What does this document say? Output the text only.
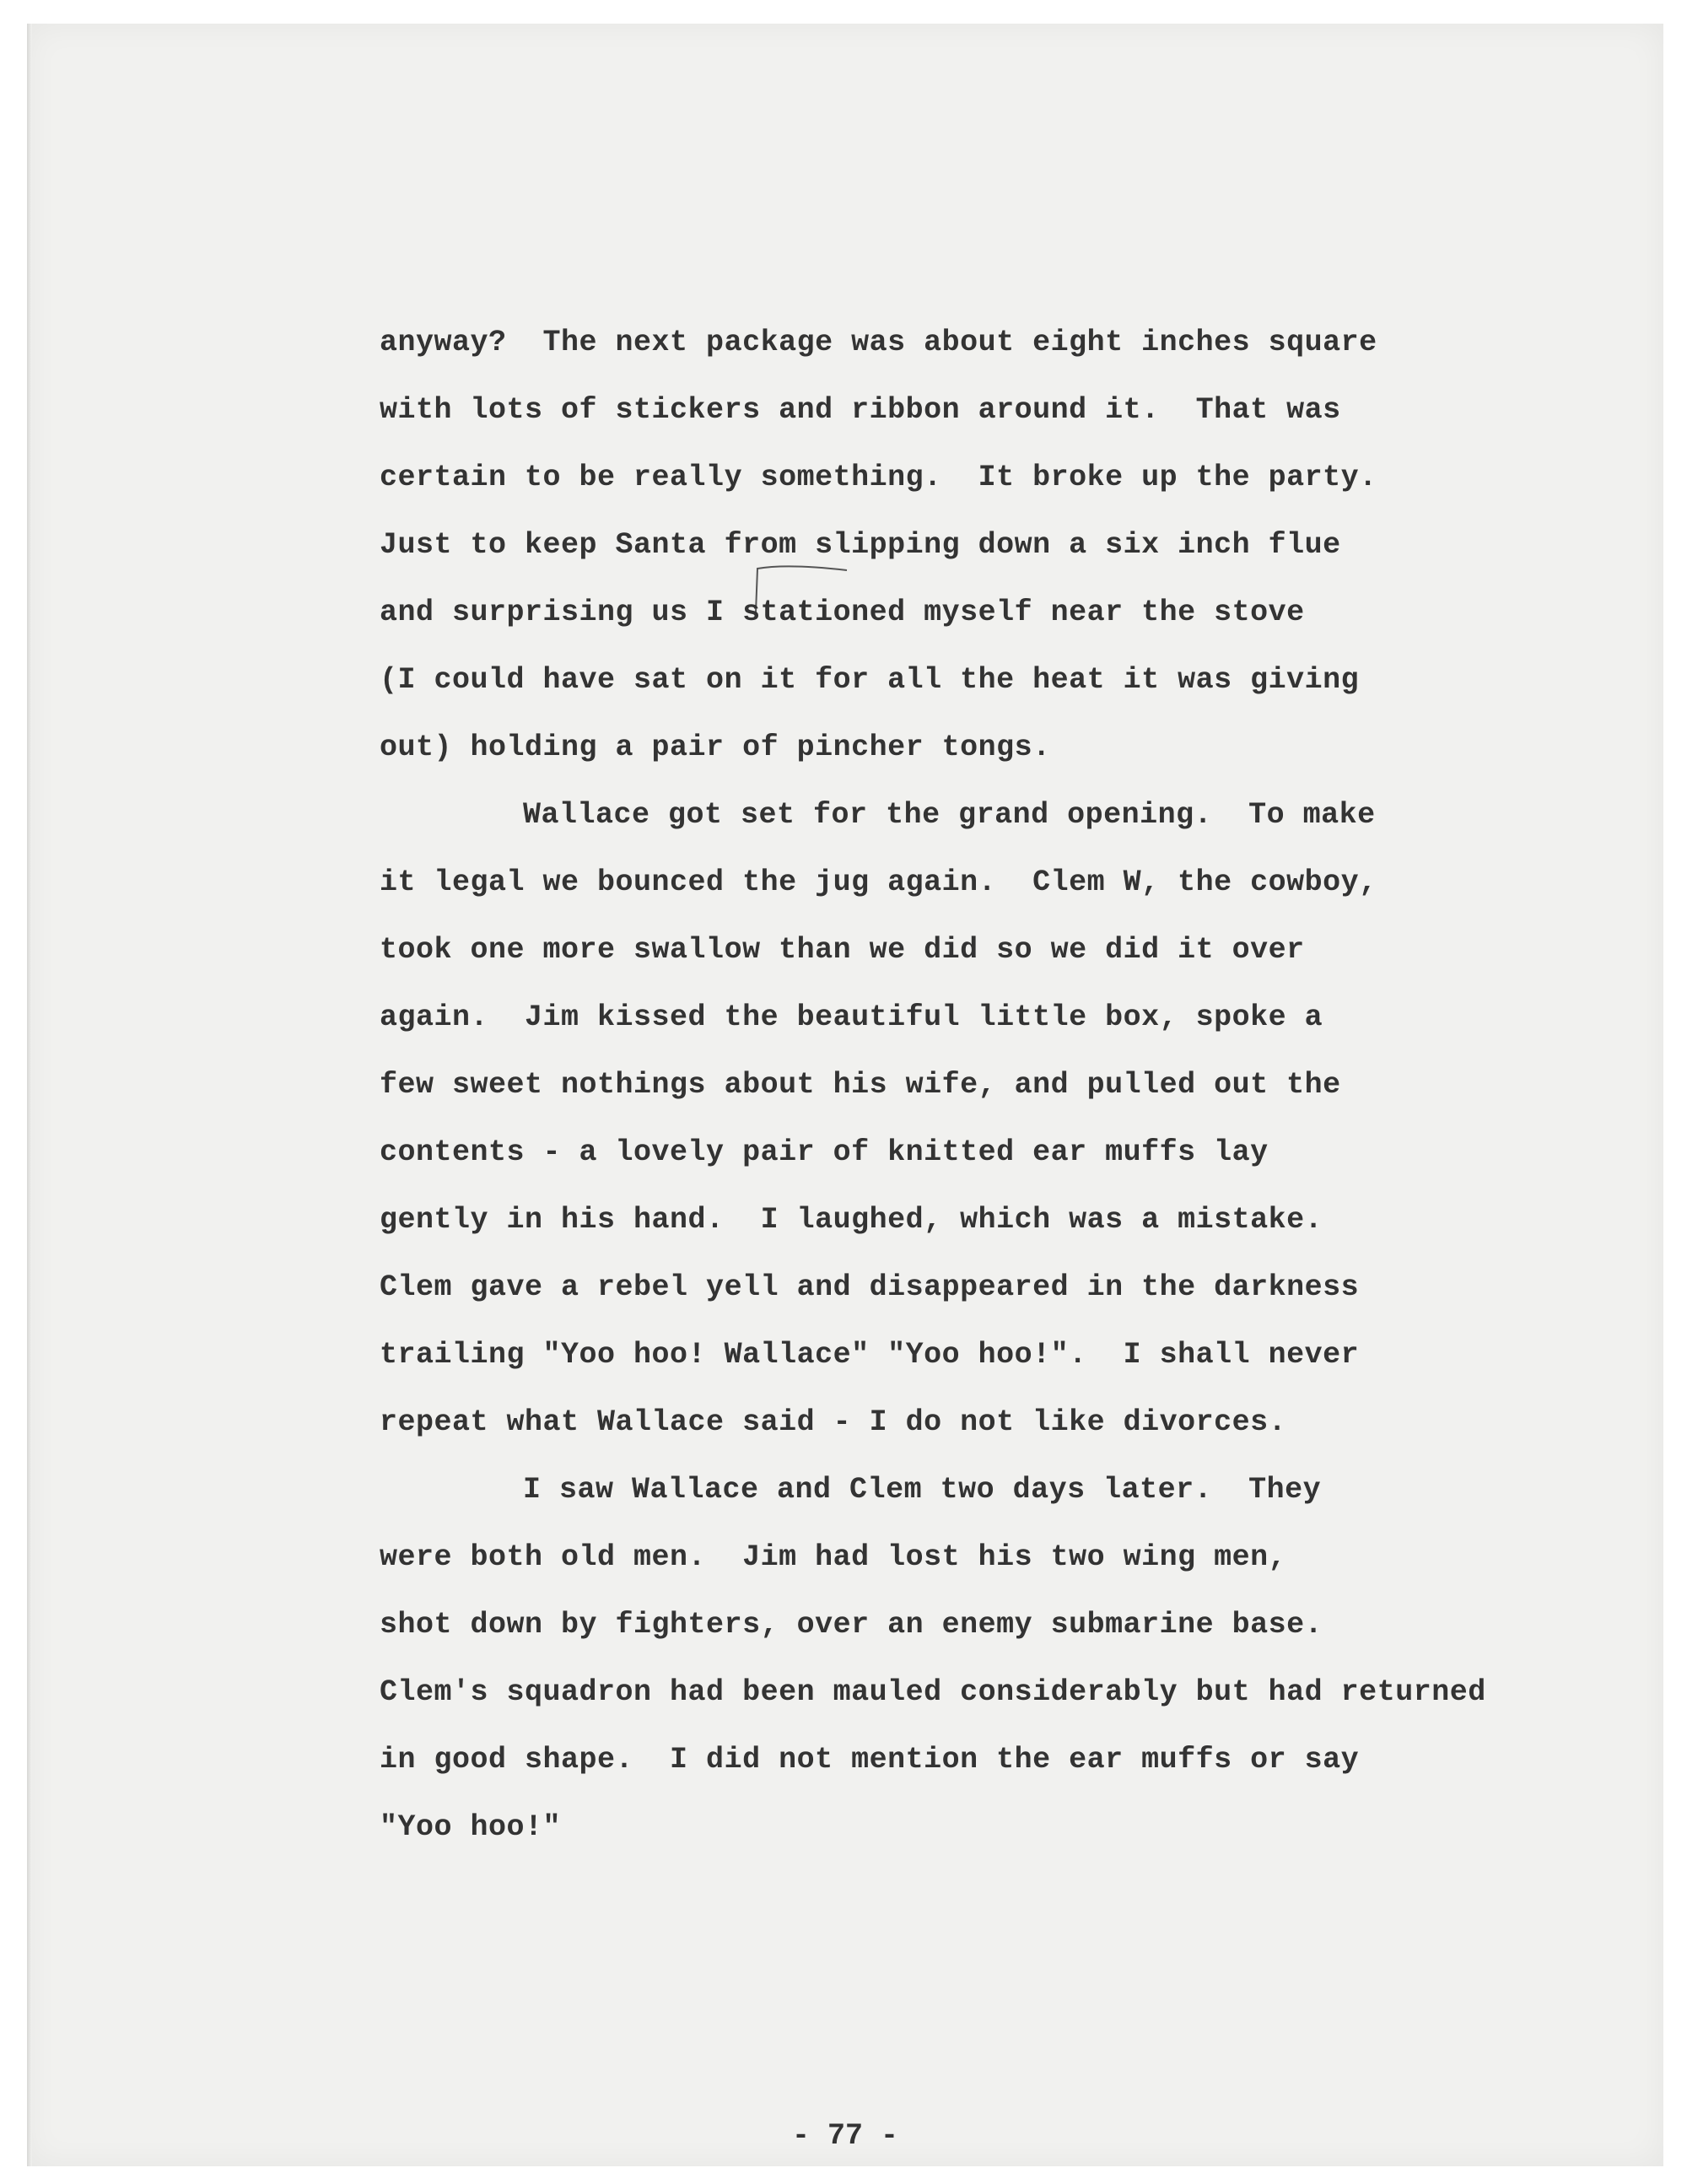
anyway?  The next package was about eight inches square
with lots of stickers and ribbon around it.  That was
certain to be really something.  It broke up the party.
Just to keep Santa from slipping down a six inch flue
and surprising us I stationed myself near the stove
(I could have sat on it for all the heat it was giving
out) holding a pair of pincher tongs.
Wallace got set for the grand opening.  To make
it legal we bounced the jug again.  Clem W, the cowboy,
took one more swallow than we did so we did it over
again.  Jim kissed the beautiful little box, spoke a
few sweet nothings about his wife, and pulled out the
contents - a lovely pair of knitted ear muffs lay
gently in his hand.  I laughed, which was a mistake.
Clem gave a rebel yell and disappeared in the darkness
trailing "Yoo hoo! Wallace" "Yoo hoo!".  I shall never
repeat what Wallace said - I do not like divorces.
I saw Wallace and Clem two days later.  They
were both old men.  Jim had lost his two wing men,
shot down by fighters, over an enemy submarine base.
Clem's squadron had been mauled considerably but had returned
in good shape.  I did not mention the ear muffs or say
"Yoo hoo!"
- 77 -
